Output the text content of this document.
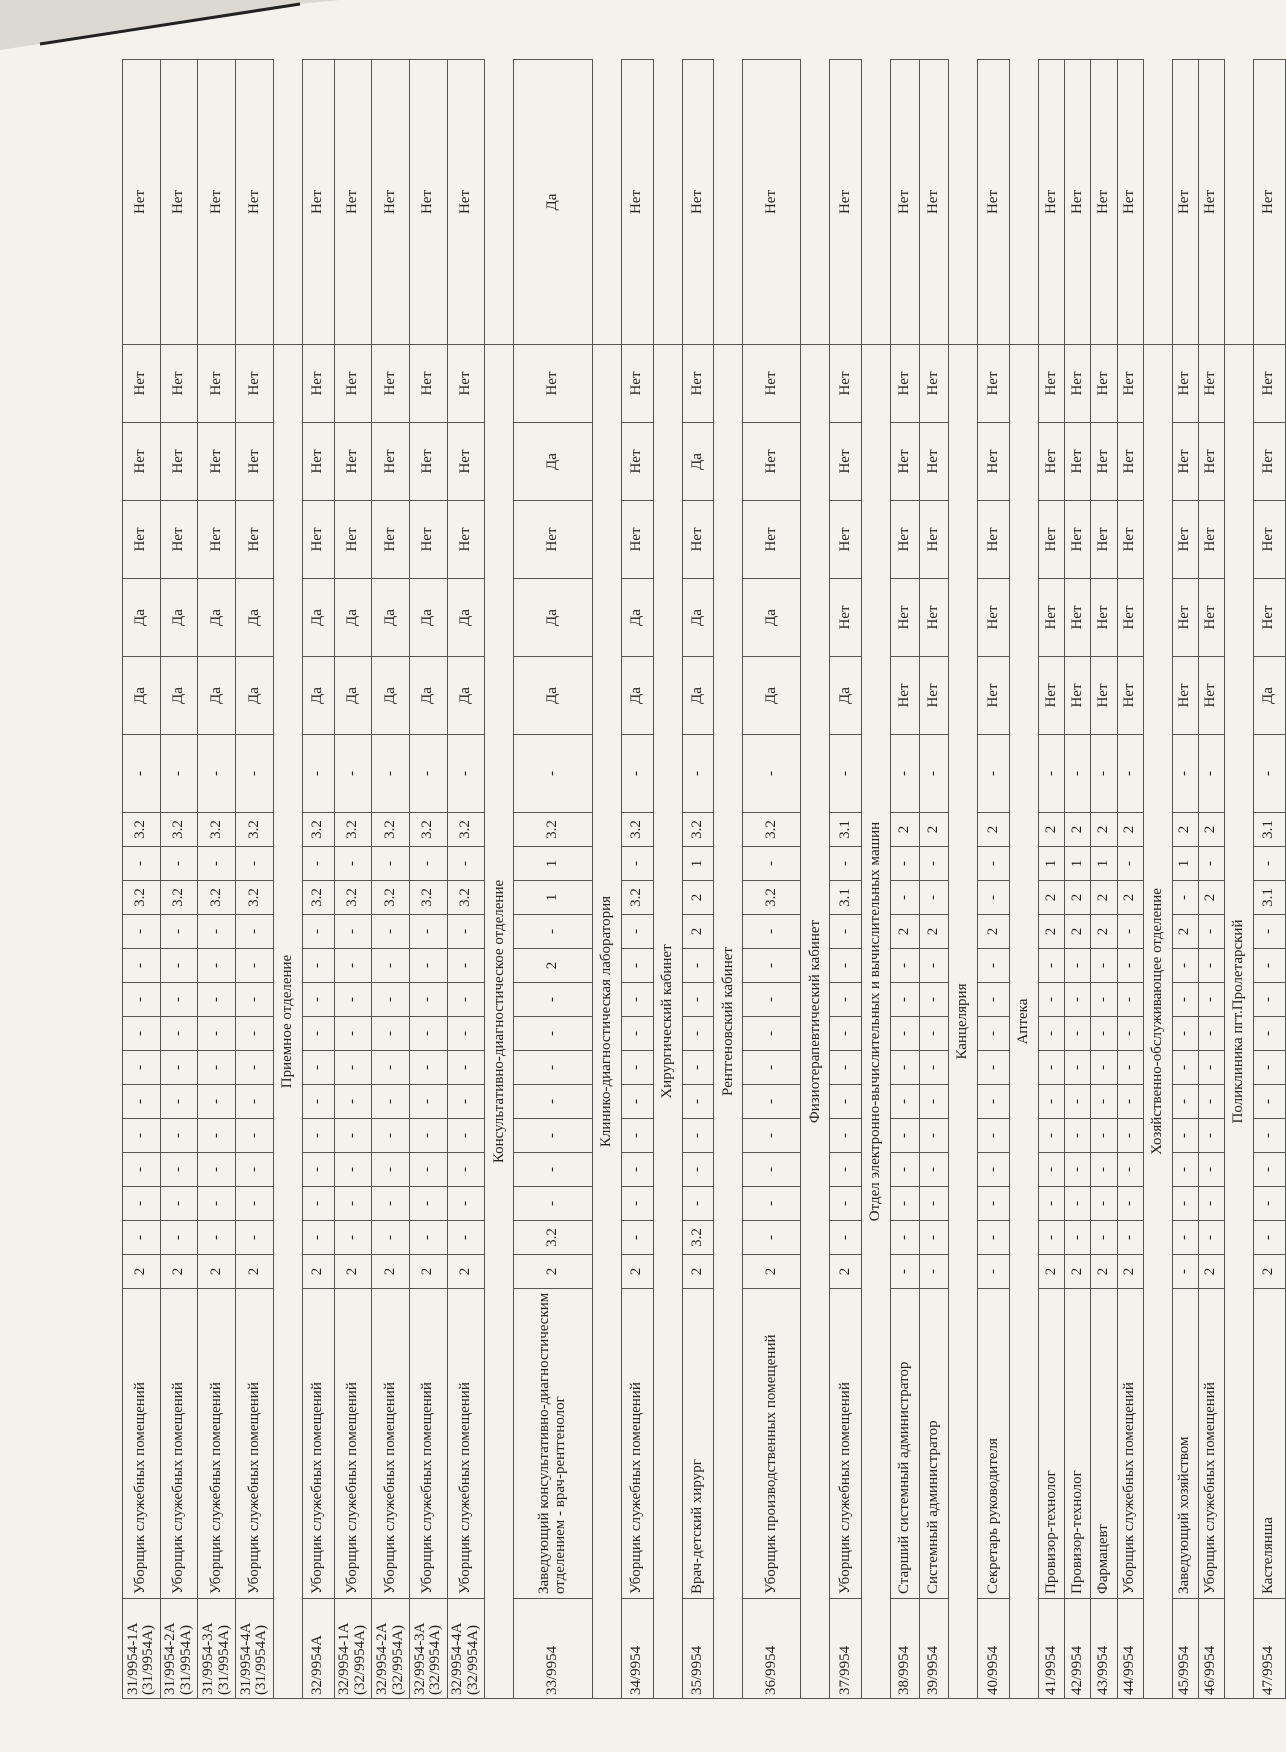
31/9954-1А (31/9954А)	Уборщик служебных помещений	2	-	-	-	-	-	-	-	-	-	-	3.2	-	3.2	-	Да	Да	Нет	Нет	Нет	Нет
31/9954-2А (31/9954А)	Уборщик служебных помещений	2	-	-	-	-	-	-	-	-	-	-	3.2	-	3.2	-	Да	Да	Нет	Нет	Нет	Нет
31/9954-3А (31/9954А)	Уборщик служебных помещений	2	-	-	-	-	-	-	-	-	-	-	3.2	-	3.2	-	Да	Да	Нет	Нет	Нет	Нет
31/9954-4А (31/9954А)	Уборщик служебных помещений	2	-	-	-	-	-	-	-	-	-	-	3.2	-	3.2	-	Да	Да	Нет	Нет	Нет	Нет
Приемное отделение																						
32/9954А	Уборщик служебных помещений	2	-	-	-	-	-	-	-	-	-	-	3.2	-	3.2	-	Да	Да	Нет	Нет	Нет	Нет
32/9954-1А (32/9954А)	Уборщик служебных помещений	2	-	-	-	-	-	-	-	-	-	-	3.2	-	3.2	-	Да	Да	Нет	Нет	Нет	Нет
32/9954-2А (32/9954А)	Уборщик служебных помещений	2	-	-	-	-	-	-	-	-	-	-	3.2	-	3.2	-	Да	Да	Нет	Нет	Нет	Нет
32/9954-3А (32/9954А)	Уборщик служебных помещений	2	-	-	-	-	-	-	-	-	-	-	3.2	-	3.2	-	Да	Да	Нет	Нет	Нет	Нет
32/9954-4А (32/9954А)	Уборщик служебных помещений	2	-	-	-	-	-	-	-	-	-	-	3.2	-	3.2	-	Да	Да	Нет	Нет	Нет	Нет
Консультативно-диагностическое отделение																						
33/9954	Заведующий консультативно-диагностическим отделением - врач-рентгенолог	2	3.2	-	-	-	-	-	-	-	2	-	1	1	3.2	-	Да	Да	Нет	Да	Нет	Да
Клинико-диагностическая лаборатория																						
34/9954	Уборщик служебных помещений	2	-	-	-	-	-	-	-	-	-	-	3.2	-	3.2	-	Да	Да	Нет	Нет	Нет	Нет
Хирургический кабинет																						
35/9954	Врач-детский хирург	2	3.2	-	-	-	-	-	-	-	-	2	2	1	3.2	-	Да	Да	Нет	Да	Нет	Нет
Рентгеновский кабинет																						
36/9954	Уборщик производственных помещений	2	-	-	-	-	-	-	-	-	-	-	3.2	-	3.2	-	Да	Да	Нет	Нет	Нет	Нет
Физиотерапевтический кабинет																						
37/9954	Уборщик служебных помещений	2	-	-	-	-	-	-	-	-	-	-	3.1	-	3.1	-	Да	Нет	Нет	Нет	Нет	Нет
Отдел электронно-вычислительных и вычислительных машин																						
38/9954	Старший системный администратор	-	-	-	-	-	-	-	-	-	-	2	-	-	2	-	Нет	Нет	Нет	Нет	Нет	Нет
39/9954	Системный администратор	-	-	-	-	-	-	-	-	-	-	2	-	-	2	-	Нет	Нет	Нет	Нет	Нет	Нет
Канцелярия																						
40/9954	Секретарь руководителя	-	-	-	-	-	-	-	-	-	-	2	-	-	2	-	Нет	Нет	Нет	Нет	Нет	Нет
Аптека																						
41/9954	Провизор-технолог	2	-	-	-	-	-	-	-	-	-	2	2	1	2	-	Нет	Нет	Нет	Нет	Нет	Нет
42/9954	Провизор-технолог	2	-	-	-	-	-	-	-	-	-	2	2	1	2	-	Нет	Нет	Нет	Нет	Нет	Нет
43/9954	Фармацевт	2	-	-	-	-	-	-	-	-	-	2	2	1	2	-	Нет	Нет	Нет	Нет	Нет	Нет
44/9954	Уборщик служебных помещений	2	-	-	-	-	-	-	-	-	-	-	2	-	2	-	Нет	Нет	Нет	Нет	Нет	Нет
Хозяйственно-обслуживающее отделение																						
45/9954	Заведующий хозяйством	-	-	-	-	-	-	-	-	-	-	2	-	1	2	-	Нет	Нет	Нет	Нет	Нет	Нет
46/9954	Уборщик служебных помещений	2	-	-	-	-	-	-	-	-	-	-	2	-	2	-	Нет	Нет	Нет	Нет	Нет	Нет
Поликлиника пгт.Пролетарский																						
47/9954	Кастелянша	2	-	-	-	-	-	-	-	-	-	-	3.1	-	3.1	-	Да	Нет	Нет	Нет	Нет	Нет
